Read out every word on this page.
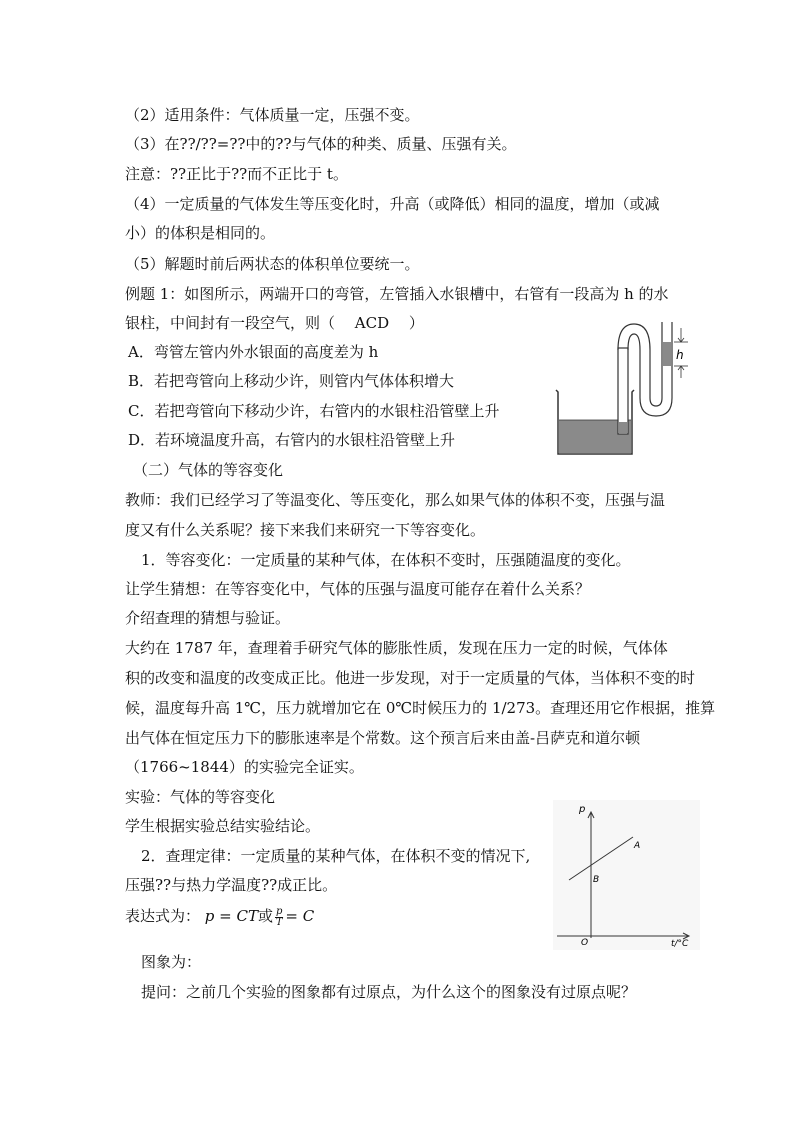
（2）适用条件：气体质量一定，压强不变。
（3）在??/??=??中的??与气体的种类、质量、压强有关。
注意：??正比于??而不正比于 t。
（4）一定质量的气体发生等压变化时，升高（或降低）相同的温度，增加（或减
小）的体积是相同的。
（5）解题时前后两状态的体积单位要统一。
例题 1：如图所示，两端开口的弯管，左管插入水银槽中，右管有一段高为 h 的水
银柱，中间封有一段空气，则（　 ACD　 ）
A．弯管左管内外水银面的高度差为 h
B．若把弯管向上移动少许，则管内气体体积增大
C．若把弯管向下移动少许，右管内的水银柱沿管壁上升
D．若环境温度升高，右管内的水银柱沿管壁上升
h
（二）气体的等容变化
教师：我们已经学习了等温变化、等压变化，那么如果气体的体积不变，压强与温
度又有什么关系呢？接下来我们来研究一下等容变化。
1．等容变化：一定质量的某种气体，在体积不变时，压强随温度的变化。
让学生猜想：在等容变化中，气体的压强与温度可能存在着什么关系？
介绍查理的猜想与验证。
大约在 1787 年，查理着手研究气体的膨胀性质，发现在压力一定的时候，气体体
积的改变和温度的改变成正比。他进一步发现，对于一定质量的气体，当体积不变的时
候，温度每升高 1℃，压力就增加它在 0℃时候压力的 1/273。查理还用它作根据，推算
出气体在恒定压力下的膨胀速率是个常数。这个预言后来由盖-吕萨克和道尔顿
（1766~1844）的实验完全证实。
实验：气体的等容变化
学生根据实验总结实验结论。
2．查理定律：一定质量的某种气体，在体积不变的情况下,
压强??与热力学温度??成正比。
表达式为： p = CT或 $\frac{p}{T} = C$
p
t/°C
O
A
B
图象为：
提问：之前几个实验的图象都有过原点，为什么这个的图象没有过原点呢？
